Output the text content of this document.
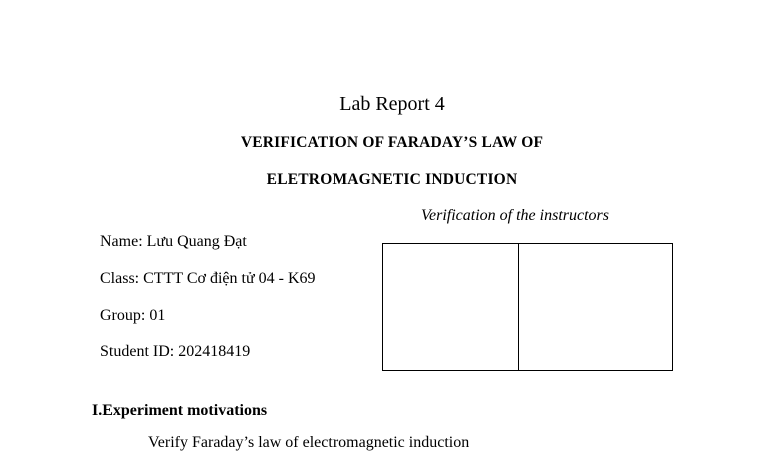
Lab Report 4
VERIFICATION OF FARADAY’S LAW OF
ELETROMAGNETIC INDUCTION
Verification of the instructors
Name: Lưu Quang Đạt
Class: CTTT Cơ điện tử 04 - K69
Group: 01
Student ID: 202418419
I.Experiment motivations
Verify Faraday’s law of electromagnetic induction
